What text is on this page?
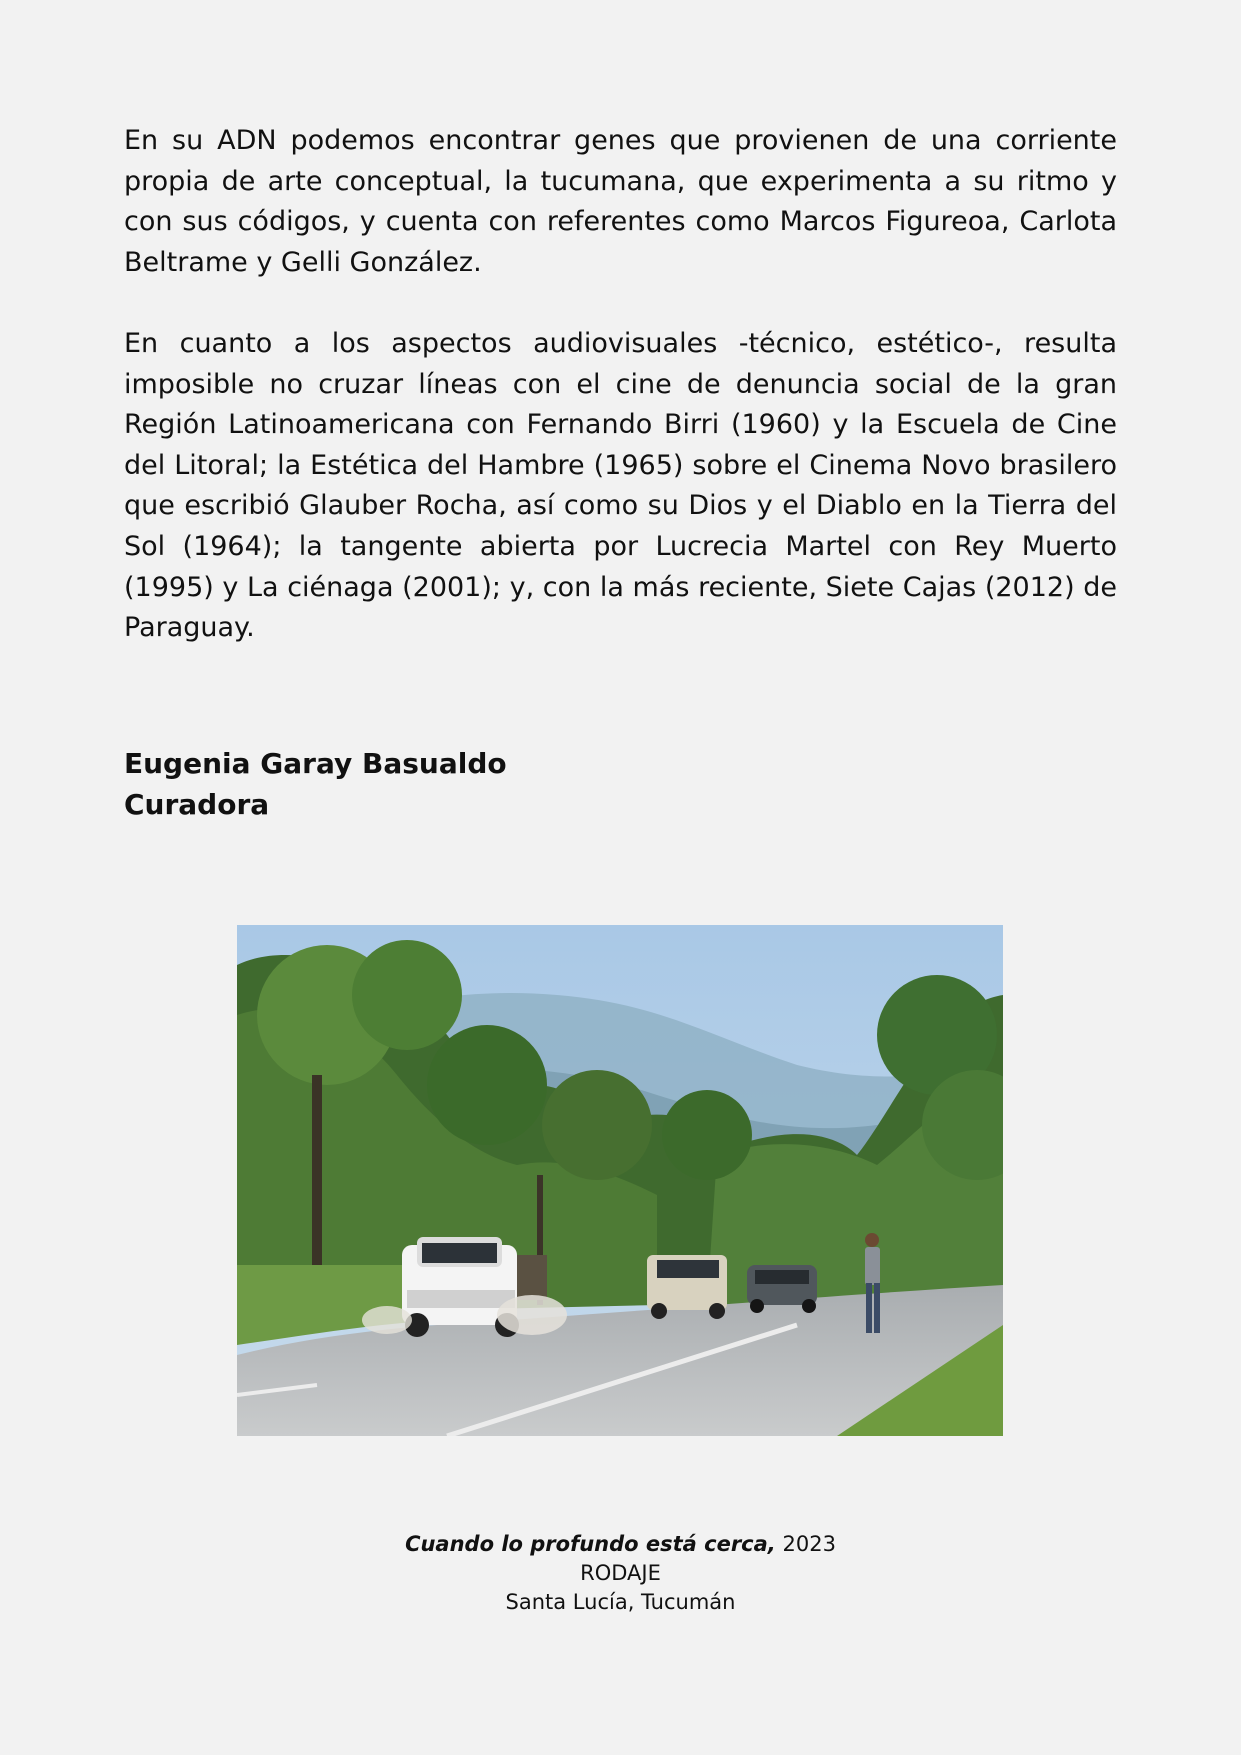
En su ADN podemos encontrar genes que provienen de una corriente propia de arte conceptual, la tucumana, que experimenta a su ritmo y con sus códigos, y cuenta con referentes como Marcos Figureoa, Carlota Beltrame y Gelli González.

En cuanto a los aspectos audiovisuales -técnico, estético-, resulta imposible no cruzar líneas con el cine de denuncia social de la gran Región Latinoamericana con Fernando Birri (1960) y la Escuela de Cine del Litoral; la Estética del Hambre (1965) sobre el Cinema Novo brasilero que escribió Glauber Rocha, así como su Dios y el Diablo en la Tierra del Sol (1964); la tangente abierta por Lucrecia Martel con Rey Muerto (1995) y La ciénaga (2001); y, con la más reciente, Siete Cajas (2012) de Paraguay.

Eugenia Garay Basualdo
Curadora

Cuando lo profundo está cerca, 2023

RODAJE

Santa Lucía, Tucumán
